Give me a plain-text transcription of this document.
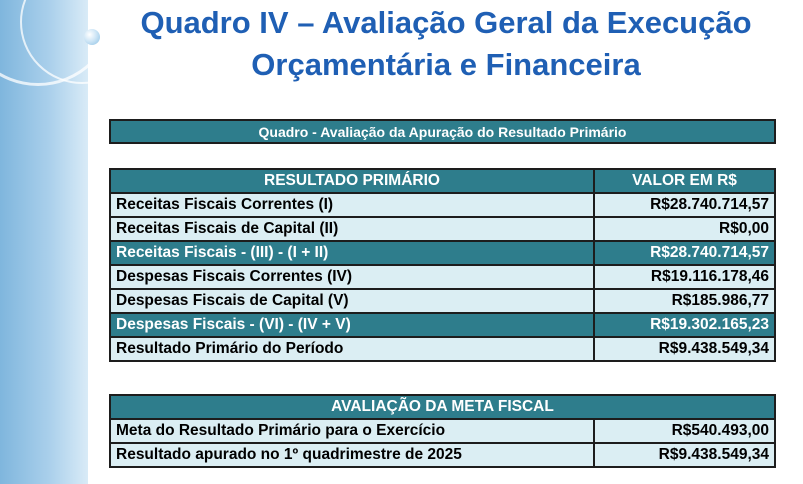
Quadro IV – Avaliação Geral da Execução
Orçamentária e Financeira
Quadro - Avaliação da Apuração do Resultado Primário
RESULTADO PRIMÁRIO	VALOR EM R$
Receitas Fiscais Correntes (I)	R$28.740.714,57
Receitas Fiscais de Capital (II)	R$0,00
Receitas Fiscais - (III) - (I + II)	R$28.740.714,57
Despesas Fiscais Correntes (IV)	R$19.116.178,46
Despesas Fiscais de Capital (V)	R$185.986,77
Despesas Fiscais - (VI) - (IV + V)	R$19.302.165,23
Resultado Primário do Período	R$9.438.549,34
AVALIAÇÃO DA META FISCAL	
Meta do Resultado Primário para o Exercício	R$540.493,00
Resultado apurado no 1º quadrimestre de 2025	R$9.438.549,34
